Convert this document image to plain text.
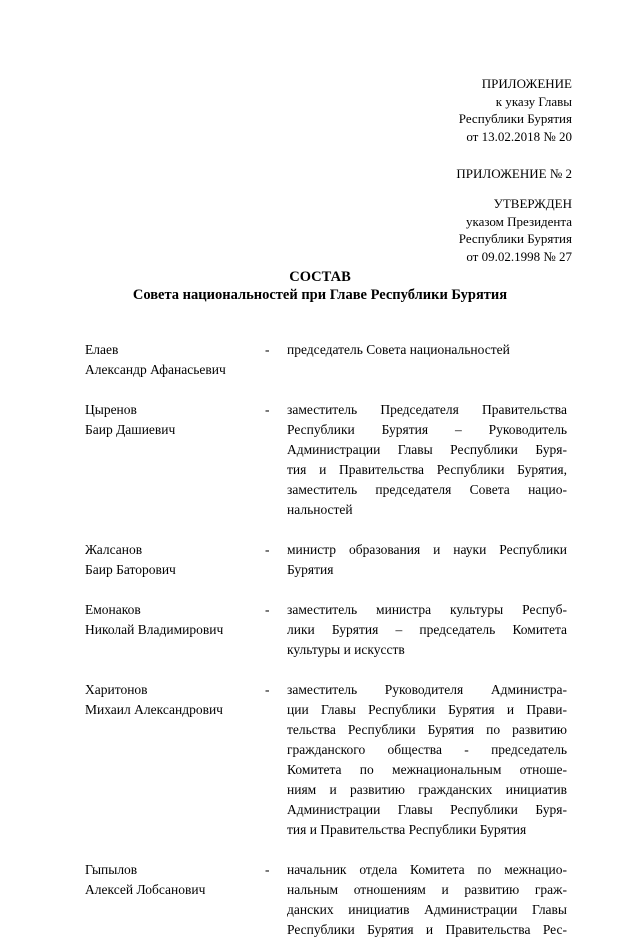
ПРИЛОЖЕНИЕ
к указу Главы
Республики Бурятия
от 13.02.2018 № 20
ПРИЛОЖЕНИЕ № 2
УТВЕРЖДЕН
указом Президента
Республики Бурятия
от 09.02.1998 № 27
СОСТАВ
Совета национальностей при Главе Республики Бурятия
Елаев
Александр Афанасьевич
-	председатель Совета национальностей
Цыренов
Баир Дашиевич
-	заместитель Председателя Правительства
Республики Бурятия – Руководитель
Администрации Главы Республики Буря-
тия и Правительства Республики Бурятия,
заместитель председателя Совета нацио-
нальностей
Жалсанов
Баир Баторович
-	министр образования и науки Республики
Бурятия
Емонаков
Николай Владимирович
-	заместитель министра культуры Респуб-
лики Бурятия – председатель Комитета
культуры и искусств
Харитонов
Михаил Александрович
-	заместитель Руководителя Администра-
ции Главы Республики Бурятия и Прави-
тельства Республики Бурятия по развитию
гражданского общества - председатель
Комитета по межнациональным отноше-
ниям и развитию гражданских инициатив
Администрации Главы Республики Буря-
тия и Правительства Республики Бурятия
Гыпылов
Алексей Лобсанович
-	начальник отдела Комитета по межнацио-
нальным отношениям и развитию граж-
данских инициатив Администрации Главы
Республики Бурятия и Правительства Рес-
